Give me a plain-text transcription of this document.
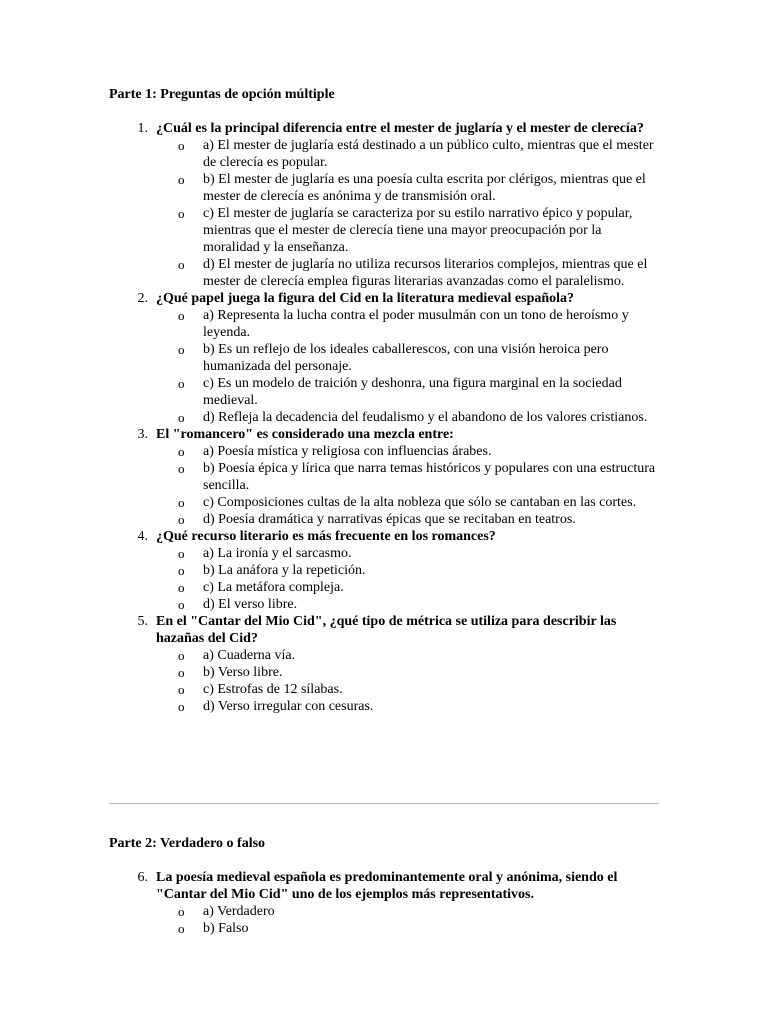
Parte 1: Preguntas de opción múltiple
1. ¿Cuál es la principal diferencia entre el mester de juglaría y el mester de clerecía?
o a) El mester de juglaría está destinado a un público culto, mientras que el mester de clerecía es popular.
o b) El mester de juglaría es una poesía culta escrita por clérigos, mientras que el mester de clerecía es anónima y de transmisión oral.
o c) El mester de juglaría se caracteriza por su estilo narrativo épico y popular, mientras que el mester de clerecía tiene una mayor preocupación por la moralidad y la enseñanza.
o d) El mester de juglaría no utiliza recursos literarios complejos, mientras que el mester de clerecía emplea figuras literarias avanzadas como el paralelismo.
2. ¿Qué papel juega la figura del Cid en la literatura medieval española?
o a) Representa la lucha contra el poder musulmán con un tono de heroísmo y leyenda.
o b) Es un reflejo de los ideales caballerescos, con una visión heroica pero humanizada del personaje.
o c) Es un modelo de traición y deshonra, una figura marginal en la sociedad medieval.
o d) Refleja la decadencia del feudalismo y el abandono de los valores cristianos.
3. El "romancero" es considerado una mezcla entre:
o a) Poesía mística y religiosa con influencias árabes.
o b) Poesía épica y lírica que narra temas históricos y populares con una estructura sencilla.
o c) Composiciones cultas de la alta nobleza que sólo se cantaban en las cortes.
o d) Poesía dramática y narrativas épicas que se recitaban en teatros.
4. ¿Qué recurso literario es más frecuente en los romances?
o a) La ironía y el sarcasmo.
o b) La anáfora y la repetición.
o c) La metáfora compleja.
o d) El verso libre.
5. En el "Cantar del Mio Cid", ¿qué tipo de métrica se utiliza para describir las hazañas del Cid?
o a) Cuaderna vía.
o b) Verso libre.
o c) Estrofas de 12 sílabas.
o d) Verso irregular con cesuras.
Parte 2: Verdadero o falso
6. La poesía medieval española es predominantemente oral y anónima, siendo el "Cantar del Mio Cid" uno de los ejemplos más representativos.
o a) Verdadero
o b) Falso
